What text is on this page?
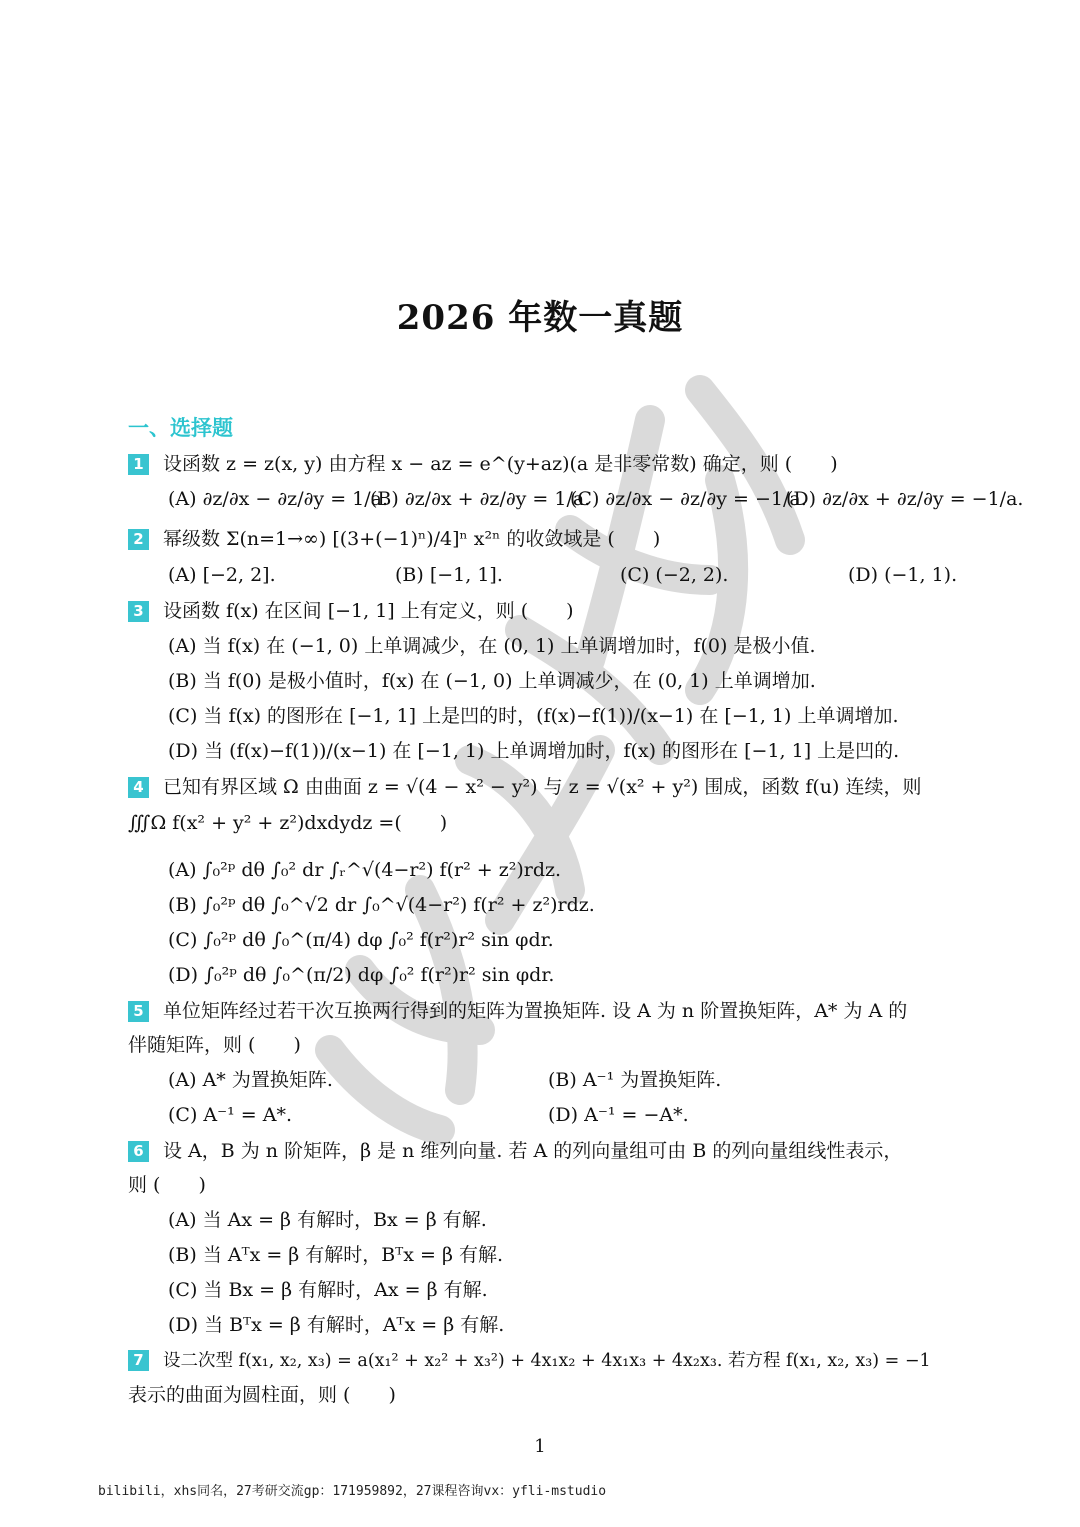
2026 年数一真题
一、选择题
1 设函数 z = z(x, y) 由方程 x − az = e^(y+az)(a 是非零常数) 确定，则 (　　)
(A) ∂z/∂x − ∂z/∂y = 1/a.
(B) ∂z/∂x + ∂z/∂y = 1/a.
(C) ∂z/∂x − ∂z/∂y = −1/a.
(D) ∂z/∂x + ∂z/∂y = −1/a.
2 幂级数 Σ(n=1→∞) [(3+(−1)ⁿ)/4]ⁿ x²ⁿ 的收敛域是 (　　)
(A) [−2, 2].	(B) [−1, 1].	(C) (−2, 2).	(D) (−1, 1).
3 设函数 f(x) 在区间 [−1, 1] 上有定义，则 (　　)
(A) 当 f(x) 在 (−1, 0) 上单调减少，在 (0, 1) 上单调增加时，f(0) 是极小值.
(B) 当 f(0) 是极小值时，f(x) 在 (−1, 0) 上单调减少，在 (0, 1) 上单调增加.
(C) 当 f(x) 的图形在 [−1, 1] 上是凹的时，(f(x)−f(1))/(x−1) 在 [−1, 1) 上单调增加.
(D) 当 (f(x)−f(1))/(x−1) 在 [−1, 1) 上单调增加时，f(x) 的图形在 [−1, 1] 上是凹的.
4 已知有界区域 Ω 由曲面 z = √(4 − x² − y²) 与 z = √(x² + y²) 围成，函数 f(u) 连续，则
∭Ω f(x² + y² + z²)dxdydz =(　　)
(A) ∫₀²ᵖ dθ ∫₀² dr ∫ᵣ^√(4−r²) f(r² + z²)rdz.
(B) ∫₀²ᵖ dθ ∫₀^√2 dr ∫₀^√(4−r²) f(r² + z²)rdz.
(C) ∫₀²ᵖ dθ ∫₀^(π/4) dφ ∫₀² f(r²)r² sin φdr.
(D) ∫₀²ᵖ dθ ∫₀^(π/2) dφ ∫₀² f(r²)r² sin φdr.
5 单位矩阵经过若干次互换两行得到的矩阵为置换矩阵. 设 A 为 n 阶置换矩阵，A* 为 A 的
伴随矩阵，则 (　　)
(A) A* 为置换矩阵.	(B) A⁻¹ 为置换矩阵.
(C) A⁻¹ = A*.	(D) A⁻¹ = −A*.
6 设 A，B 为 n 阶矩阵，β 是 n 维列向量. 若 A 的列向量组可由 B 的列向量组线性表示，
则 (　　)
(A) 当 Ax = β 有解时，Bx = β 有解.
(B) 当 Aᵀx = β 有解时，Bᵀx = β 有解.
(C) 当 Bx = β 有解时，Ax = β 有解.
(D) 当 Bᵀx = β 有解时，Aᵀx = β 有解.
7 设二次型 f(x₁, x₂, x₃) = a(x₁² + x₂² + x₃²) + 4x₁x₂ + 4x₁x₃ + 4x₂x₃. 若方程 f(x₁, x₂, x₃) = −1
表示的曲面为圆柱面，则 (　　)
1
bilibili，xhs同名，27考研交流gp：171959892，27课程咨询vx：yfli-mstudio
